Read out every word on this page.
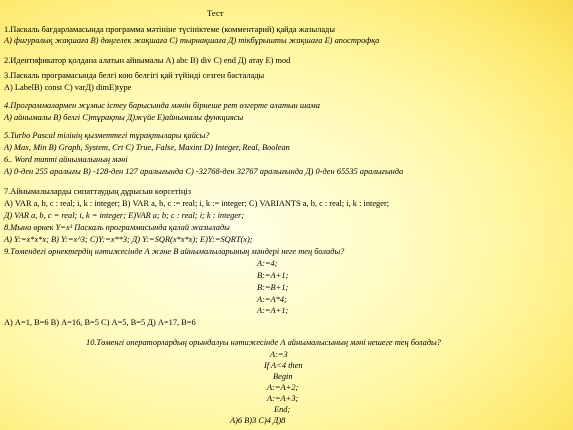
Тест
1.Паскаль бағдарламасында программа мәтініне түсініктеме (комментарий) қайда жазылады
А) фигуралық жақшаға В) дөңгелек жақшаға С) тырнақшаға Д) тікбұрышты жақшаға Е) апострофқа
2.Идентификатор қолдана алатын айнымалы А) аbc В) div С) end Д) атау Е) mod
3.Паскаль програмасында белгі кою белгігі қай түйінді сезген басталады
А) LabelВ) const С) varД) dimЕ)type
4.Программалармен жұмыс істеу барысында мәнін бірнеше рет өзгерте алатын шама
А) айнымалы В) белгі С)тұрақты Д)жүйе Е)айнымалы функциясы
5.Turbo Pascal тілінің қызметтегі тұрақтылары қайсы?
А) Max, Min В) Graph, System, Crt С) True, False, Maxint D) Integer, Real, Boolean
6.. Word типті айнымалының мәні
А) 0-ден 255 аралығы В) -128-ден 127 аралығында С) -32768-ден 32767 аралығында Д) 0-ден 65535 аралығында
7.Айнымалыларды сипаттаудың дұрысын көрсетіңіз
А) VAR a, b, c : real; i, k : integer; В) VAR a, b, c := real; i, k := integer; С) VARIANTS a, b, c : real; i, k : integer;
Д) VAR a, b, c = real; i, k = integer; Е)VAR a; b; c : real; i; k : integer;
8.Мына өрнек Y=x³ Паскаль программасында қалай жазылады
А) Y:=x*x*x; В) Y:=x^3; С)Y:=x**3; Д) Y:=SQR(x*x*x); Е)Y:=SQRT(x);
9.Төмендегі өрнектердің нәтижесінде А және В айнымалыларының мәндері неге тең болады?
A:=4;
B:=A+1;
B:=B+1;
A:=A*4;
A:=A+1;
А) А=1, В=6 В) А=16, В=5 С) А=5, В=5 Д) А=17, В=6
10.Төменгі операторлардың орындалуы нәтижесінде А айнымалысының мәні нешеге тең болады?
A:=3
If A<4 then
Begin
A:=A+2;
A:=A+3;
End;
А)6 В)3 С)4 Д)8
